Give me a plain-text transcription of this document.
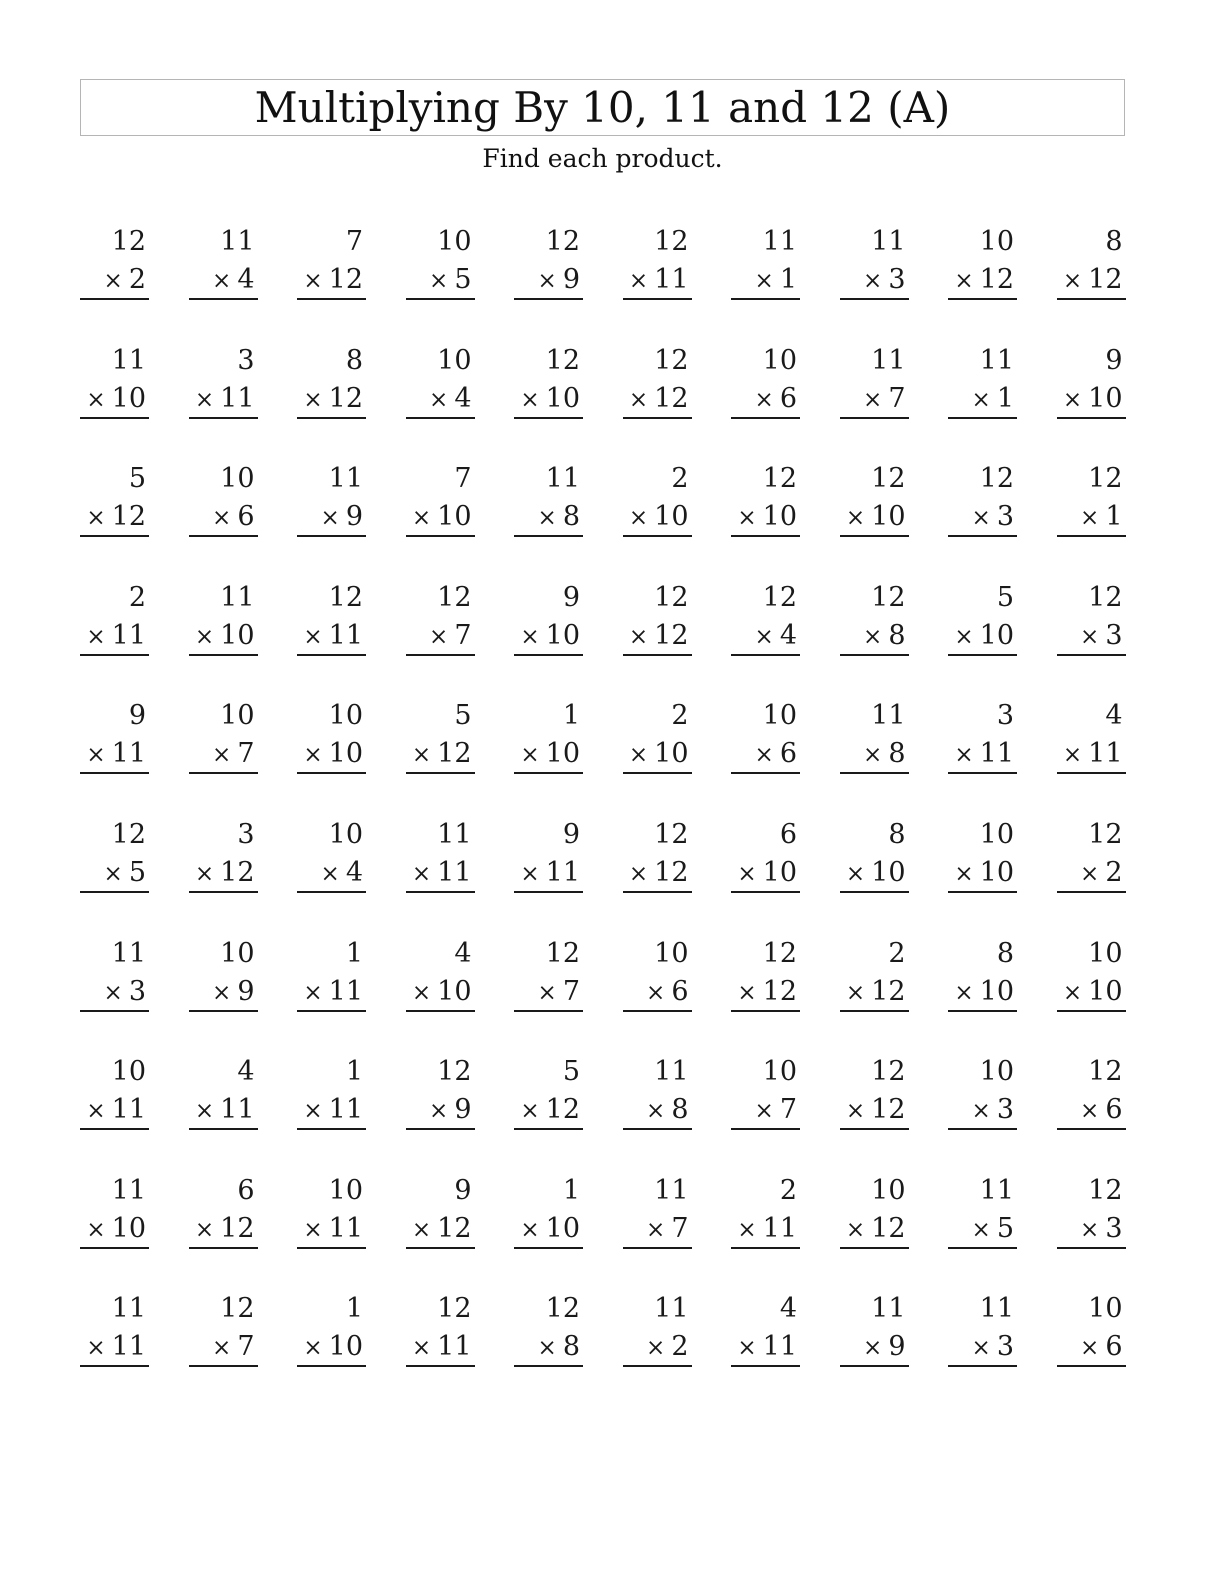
Multiplying By 10, 11 and 12 (A)
Find each product.
12
× 2
11
× 4
7
× 12
10
× 5
12
× 9
12
× 11
11
× 1
11
× 3
10
× 12
8
× 12
11
× 10
3
× 11
8
× 12
10
× 4
12
× 10
12
× 12
10
× 6
11
× 7
11
× 1
9
× 10
5
× 12
10
× 6
11
× 9
7
× 10
11
× 8
2
× 10
12
× 10
12
× 10
12
× 3
12
× 1
2
× 11
11
× 10
12
× 11
12
× 7
9
× 10
12
× 12
12
× 4
12
× 8
5
× 10
12
× 3
9
× 11
10
× 7
10
× 10
5
× 12
1
× 10
2
× 10
10
× 6
11
× 8
3
× 11
4
× 11
12
× 5
3
× 12
10
× 4
11
× 11
9
× 11
12
× 12
6
× 10
8
× 10
10
× 10
12
× 2
11
× 3
10
× 9
1
× 11
4
× 10
12
× 7
10
× 6
12
× 12
2
× 12
8
× 10
10
× 10
10
× 11
4
× 11
1
× 11
12
× 9
5
× 12
11
× 8
10
× 7
12
× 12
10
× 3
12
× 6
11
× 10
6
× 12
10
× 11
9
× 12
1
× 10
11
× 7
2
× 11
10
× 12
11
× 5
12
× 3
11
× 11
12
× 7
1
× 10
12
× 11
12
× 8
11
× 2
4
× 11
11
× 9
11
× 3
10
× 6
